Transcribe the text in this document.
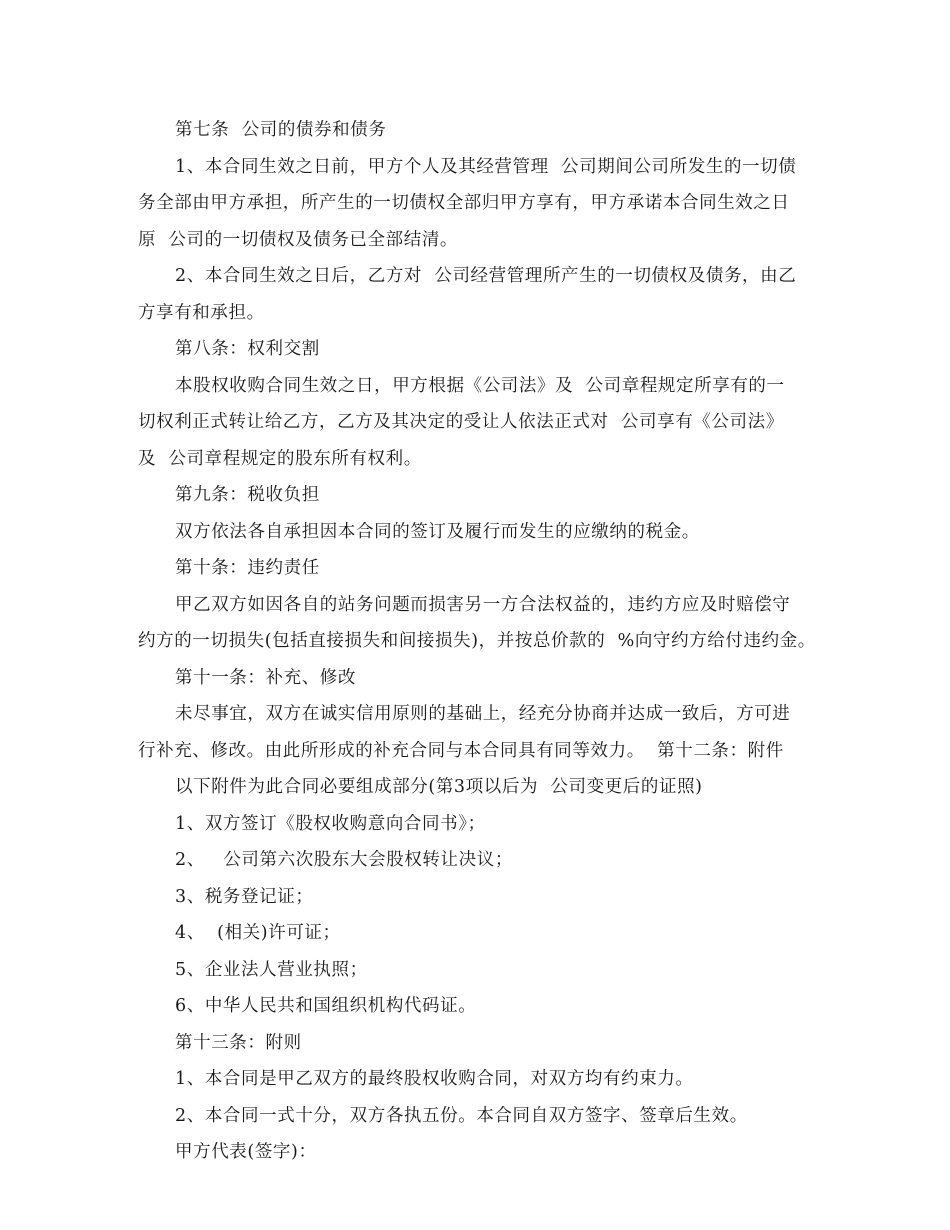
第七条  公司的债券和债务
1、本合同生效之日前，甲方个人及其经营管理  公司期间公司所发生的一切债
务全部由甲方承担，所产生的一切债权全部归甲方享有，甲方承诺本合同生效之日
原  公司的一切债权及债务已全部结清。
2、本合同生效之日后，乙方对  公司经营管理所产生的一切债权及债务，由乙
方享有和承担。
第八条：权利交割
本股权收购合同生效之日，甲方根据《公司法》及  公司章程规定所享有的一
切权利正式转让给乙方，乙方及其决定的受让人依法正式对  公司享有《公司法》
及  公司章程规定的股东所有权利。
第九条：税收负担
双方依法各自承担因本合同的签订及履行而发生的应缴纳的税金。
第十条：违约责任
甲乙双方如因各自的站务问题而损害另一方合法权益的，违约方应及时赔偿守
约方的一切损失(包括直接损失和间接损失)，并按总价款的  %向守约方给付违约金。
第十一条：补充、修改
未尽事宜，双方在诚实信用原则的基础上，经充分协商并达成一致后，方可进
行补充、修改。由此所形成的补充合同与本合同具有同等效力。  第十二条：附件
以下附件为此合同必要组成部分(第3项以后为  公司变更后的证照)
1、双方签订《股权收购意向合同书》；
2、   公司第六次股东大会股权转让决议；
3、税务登记证；
4、  (相关)许可证；
5、企业法人营业执照；
6、中华人民共和国组织机构代码证。
第十三条：附则
1、本合同是甲乙双方的最终股权收购合同，对双方均有约束力。
2、本合同一式十分，双方各执五份。本合同自双方签字、签章后生效。
甲方代表(签字)：
